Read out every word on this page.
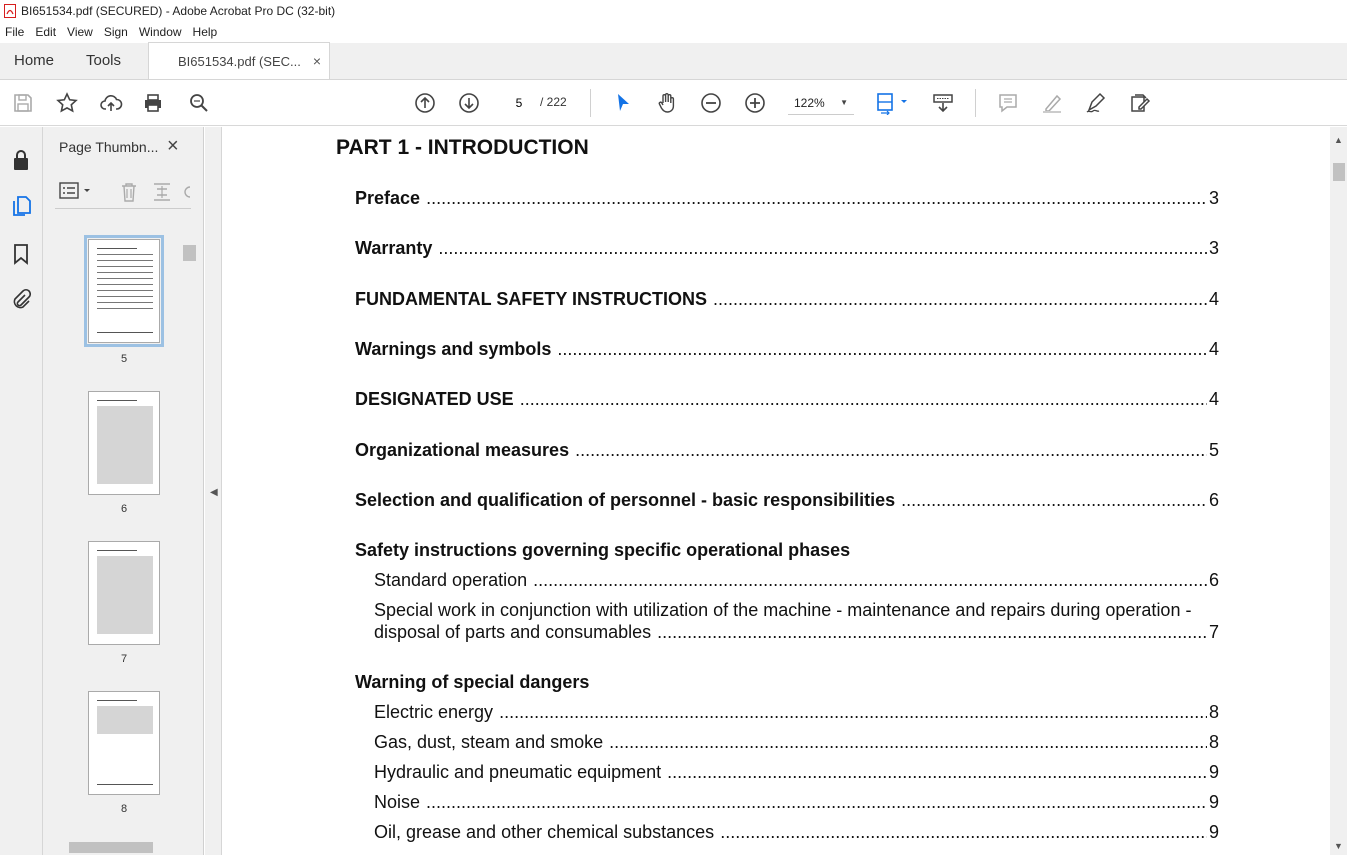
BI651534.pdf (SECURED) - Adobe Acrobat Pro DC (32-bit)
File Edit View Sign Window Help
Home	Tools	BI651534.pdf (SEC... ×
5
/ 222	122% ▼
Page Thumbn... ×
5
6
7
8
◀
PART 1 - INTRODUCTION
Preface .....	3
Warranty .....	3
FUNDAMENTAL SAFETY INSTRUCTIONS .....	4
Warnings and symbols .....	4
DESIGNATED USE .....	4
Organizational measures .....	5
Selection and qualification of personnel - basic responsibilities .....	6
Safety instructions governing specific operational phases
Standard operation .....	6
Special work in conjunction with utilization of the machine - maintenance and repairs during operation -
disposal of parts and consumables .....	7
Warning of special dangers
Electric energy .....	8
Gas, dust, steam and smoke .....	8
Hydraulic and pneumatic equipment .....	9
Noise .....	9
Oil, grease and other chemical substances .....	9
▲
▼
